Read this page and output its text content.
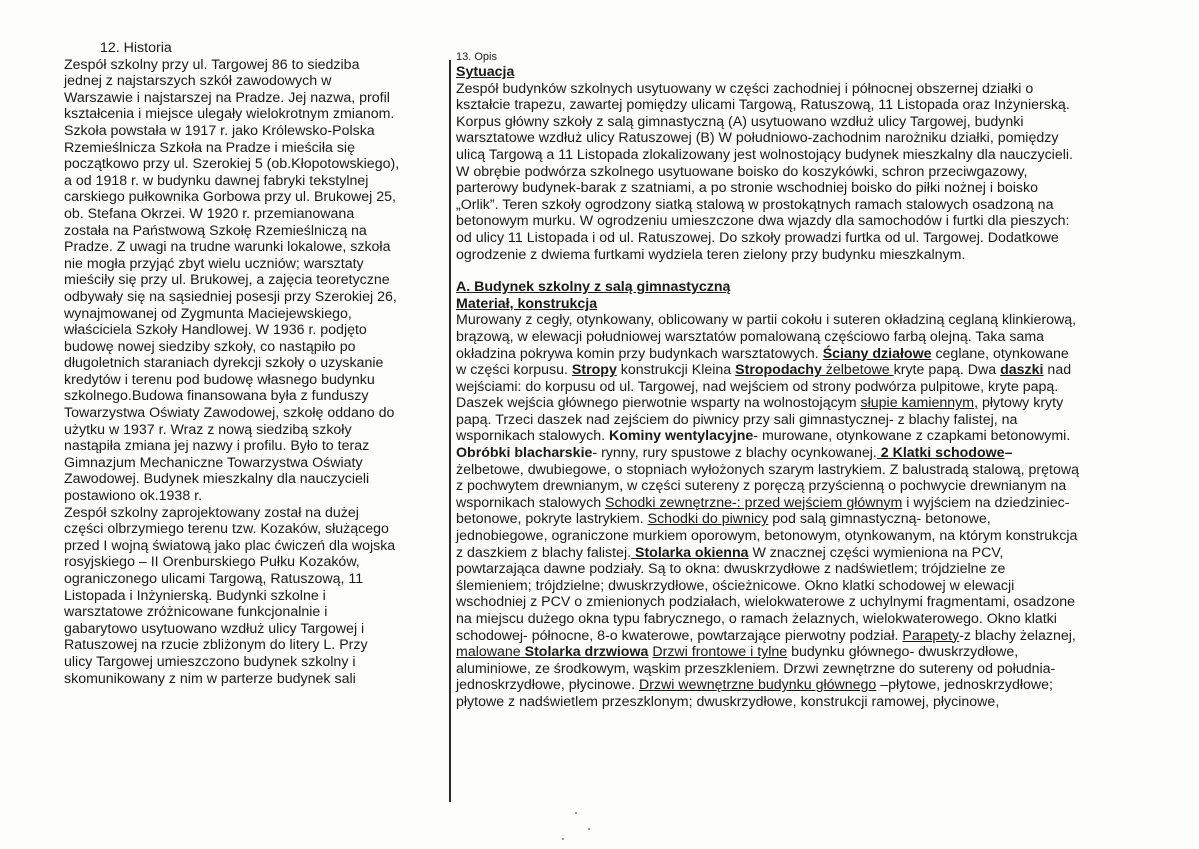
12. Historia
Zespół szkolny przy ul. Targowej 86 to siedziba
jednej z najstarszych szkół zawodowych w
Warszawie i najstarszej na Pradze. Jej nazwa, profil
kształcenia i miejsce ulegały wielokrotnym zmianom.
Szkoła powstała w 1917 r. jako Królewsko-Polska
Rzemieślnicza Szkoła na Pradze i mieściła się
początkowo przy ul. Szerokiej 5 (ob.Kłopotowskiego),
a od 1918 r. w budynku dawnej fabryki tekstylnej
carskiego pułkownika Gorbowa przy ul. Brukowej 25,
ob. Stefana Okrzei. W 1920 r. przemianowana
została na Państwową Szkołę Rzemieślniczą na
Pradze. Z uwagi na trudne warunki lokalowe, szkoła
nie mogła przyjąć zbyt wielu uczniów; warsztaty
mieściły się przy ul. Brukowej, a zajęcia teoretyczne
odbywały się na sąsiedniej posesji przy Szerokiej 26,
wynajmowanej od Zygmunta Maciejewskiego,
właściciela Szkoły Handlowej. W 1936 r. podjęto
budowę nowej siedziby szkoły, co nastąpiło po
długoletnich staraniach dyrekcji szkoły o uzyskanie
kredytów i terenu pod budowę własnego budynku
szkolnego.Budowa finansowana była z funduszy
Towarzystwa Oświaty Zawodowej, szkołę oddano do
użytku w 1937 r. Wraz z nową siedzibą szkoły
nastąpiła zmiana jej nazwy i profilu. Było to teraz
Gimnazjum Mechaniczne Towarzystwa Oświaty
Zawodowej. Budynek mieszkalny dla nauczycieli
postawiono ok.1938 r.
Zespół szkolny zaprojektowany został na dużej
części olbrzymiego terenu tzw. Kozaków, służącego
przed I wojną światową jako plac ćwiczeń dla wojska
rosyjskiego – II Orenburskiego Pułku Kozaków,
ograniczonego ulicami Targową, Ratuszową, 11
Listopada i Inżynierską. Budynki szkolne i
warsztatowe zróżnicowane funkcjonalnie i
gabarytowo usytuowano wzdłuż ulicy Targowej i
Ratuszowej na rzucie zbliżonym do litery L. Przy
ulicy Targowej umieszczono budynek szkolny i
skomunikowany z nim w parterze budynek sali
13. Opis
Sytuacja
Zespół budynków szkolnych usytuowany w części zachodniej i północnej obszernej działki o
kształcie trapezu, zawartej pomiędzy ulicami Targową, Ratuszową, 11 Listopada oraz Inżynierską.
Korpus główny szkoły z salą gimnastyczną (A) usytuowano wzdłuż ulicy Targowej, budynki
warsztatowe wzdłuż ulicy Ratuszowej (B) W południowo-zachodnim narożniku działki, pomiędzy
ulicą Targową a 11 Listopada zlokalizowany jest wolnostojący budynek mieszkalny dla nauczycieli.
W obrębie podwórza szkolnego usytuowane boisko do koszykówki, schron przeciwgazowy,
parterowy budynek-barak z szatniami, a po stronie wschodniej boisko do piłki nożnej i boisko
„Orlik”. Teren szkoły ogrodzony siatką stalową w prostokątnych ramach stalowych osadzoną na
betonowym murku. W ogrodzeniu umieszczone dwa wjazdy dla samochodów i furtki dla pieszych:
od ulicy 11 Listopada i od ul. Ratuszowej. Do szkoły prowadzi furtka od ul. Targowej. Dodatkowe
ogrodzenie z dwiema furtkami wydziela teren zielony przy budynku mieszkalnym.
A. Budynek szkolny z salą gimnastyczną
Materiał, konstrukcja
Murowany z cegły, otynkowany, oblicowany w partii cokołu i suteren okładziną ceglaną klinkierową,
brązową, w elewacji południowej warsztatów pomalowaną częściowo farbą olejną. Taka sama
okładzina pokrywa komin przy budynkach warsztatowych. Ściany działowe ceglane, otynkowane
w części korpusu. Stropy konstrukcji Kleina Stropodachy żelbetowe kryte papą. Dwa daszki nad
wejściami: do korpusu od ul. Targowej, nad wejściem od strony podwórza pulpitowe, kryte papą.
Daszek wejścia głównego pierwotnie wsparty na wolnostojącym słupie kamiennym, płytowy kryty
papą. Trzeci daszek nad zejściem do piwnicy przy sali gimnastycznej- z blachy falistej, na
wspornikach stalowych. Kominy wentylacyjne- murowane, otynkowane z czapkami betonowymi.
Obróbki blacharskie- rynny, rury spustowe z blachy ocynkowanej. 2 Klatki schodowe–
żelbetowe, dwubiegowe, o stopniach wyłożonych szarym lastrykiem. Z balustradą stalową, prętową
z pochwytem drewnianym, w części sutereny z poręczą przyścienną o pochwycie drewnianym na
wspornikach stalowych Schodki zewnętrzne-: przed wejściem głównym i wyjściem na dziedziniec-
betonowe, pokryte lastrykiem. Schodki do piwnicy pod salą gimnastyczną- betonowe,
jednobiegowe, ograniczone murkiem oporowym, betonowym, otynkowanym, na którym konstrukcja
z daszkiem z blachy falistej. Stolarka okienna W znacznej części wymieniona na PCV,
powtarzająca dawne podziały. Są to okna: dwuskrzydłowe z nadświetlem; trójdzielne ze
ślemieniem; trójdzielne; dwuskrzydłowe, ościeżnicowe. Okno klatki schodowej w elewacji
wschodniej z PCV o zmienionych podziałach, wielokwaterowe z uchylnymi fragmentami, osadzone
na miejscu dużego okna typu fabrycznego, o ramach żelaznych, wielokwaterowego. Okno klatki
schodowej- północne, 8-o kwaterowe, powtarzające pierwotny podział. Parapety-z blachy żelaznej,
malowane Stolarka drzwiowa Drzwi frontowe i tylne budynku głównego- dwuskrzydłowe,
aluminiowe, ze środkowym, wąskim przeszkleniem. Drzwi zewnętrzne do sutereny od południa-
jednoskrzydłowe, płycinowe. Drzwi wewnętrzne budynku głównego –płytowe, jednoskrzydłowe;
płytowe z nadświetlem przeszklonym; dwuskrzydłowe, konstrukcji ramowej, płycinowe,
